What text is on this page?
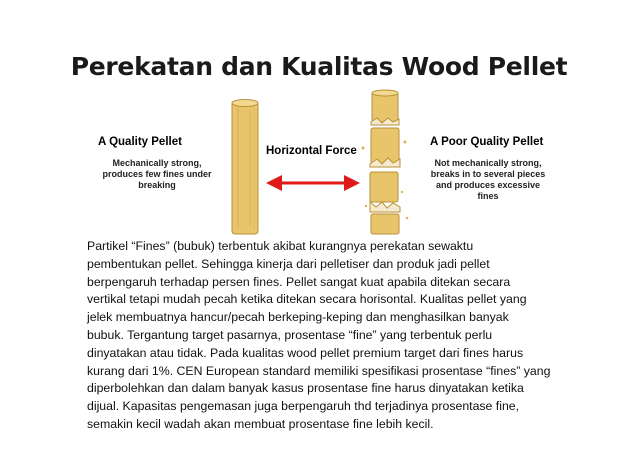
Perekatan dan Kualitas Wood Pellet
A Quality Pellet
Mechanically strong,
produces few fines under
breaking
Horizontal Force
A Poor Quality Pellet
Not mechanically strong,
breaks in to several pieces
and produces excessive
fines
Partikel “Fines” (bubuk) terbentuk akibat kurangnya perekatan sewaktu
pembentukan pellet. Sehingga kinerja dari pelletiser dan produk jadi pellet
berpengaruh terhadap persen fines. Pellet sangat kuat apabila ditekan secara
vertikal tetapi mudah pecah ketika ditekan secara horisontal. Kualitas pellet yang
jelek membuatnya hancur/pecah berkeping-keping dan menghasilkan banyak
bubuk. Tergantung target pasarnya, prosentase “fine” yang terbentuk perlu
dinyatakan atau tidak. Pada kualitas wood pellet premium target dari fines harus
kurang dari 1%. CEN European standard memiliki spesifikasi prosentase “fines” yang
diperbolehkan dan dalam banyak kasus prosentase fine harus dinyatakan ketika
dijual. Kapasitas pengemasan juga berpengaruh thd terjadinya prosentase fine,
semakin kecil wadah akan membuat prosentase fine lebih kecil.
